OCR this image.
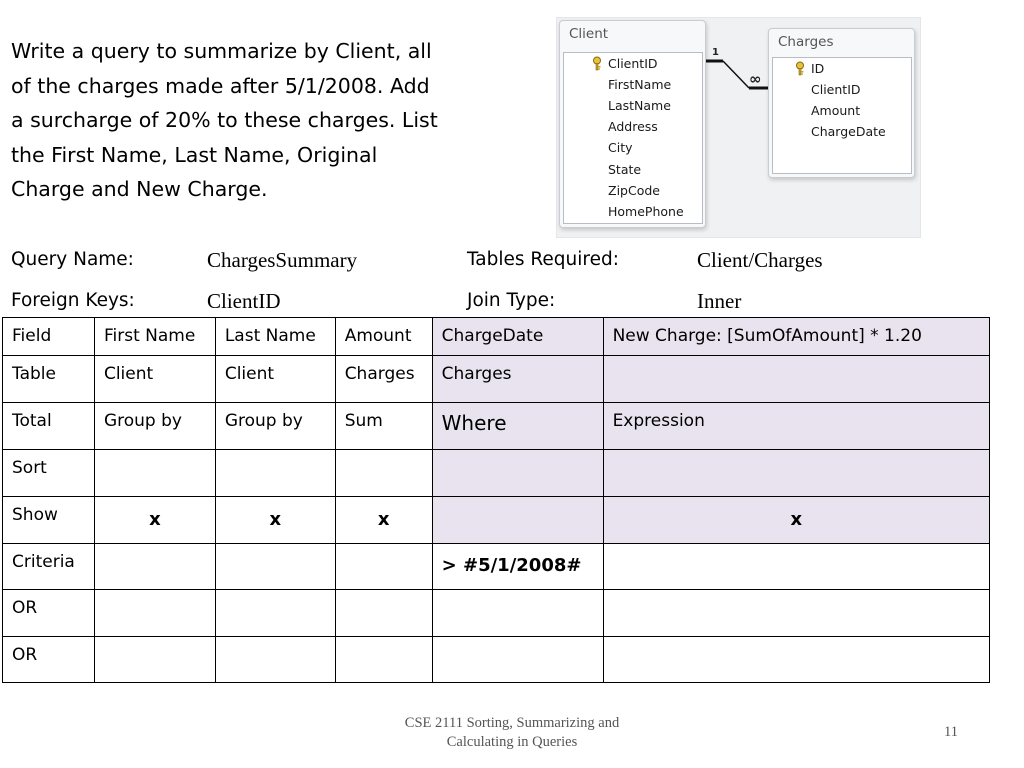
Write a query to summarize by Client, all
of the charges made after 5/1/2008. Add
a surcharge of 20% to these charges. List
the First Name, Last Name, Original
Charge and New Charge.
1
∞
Client
ClientID
FirstName
LastName
Address
City
State
ZipCode
HomePhone
Charges
ID
ClientID
Amount
ChargeDate
Query Name:	ChargesSummary	Tables Required:	Client/Charges
Foreign Keys:	ClientID	Join Type:	Inner
Field	First Name	Last Name	Amount	ChargeDate	New Charge: [SumOfAmount] * 1.20
Table	Client	Client	Charges	Charges	
Total	Group by	Group by	Sum	Where	Expression
Sort					
Show	x	x	x		x
Criteria				> #5/1/2008#	
OR					
OR					
CSE 2111 Sorting, Summarizing and
Calculating in Queries
11
